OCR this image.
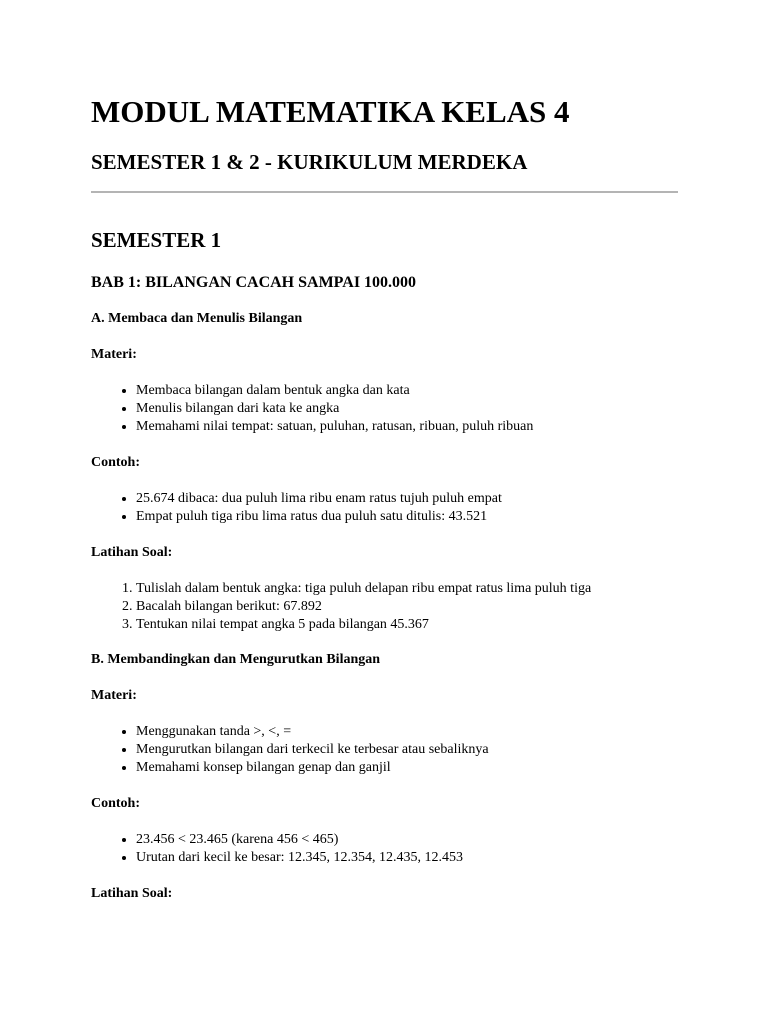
MODUL MATEMATIKA KELAS 4
SEMESTER 1 & 2 - KURIKULUM MERDEKA
SEMESTER 1
BAB 1: BILANGAN CACAH SAMPAI 100.000
A. Membaca dan Menulis Bilangan

Materi:

• Membaca bilangan dalam bentuk angka dan kata
• Menulis bilangan dari kata ke angka
• Memahami nilai tempat: satuan, puluhan, ratusan, ribuan, puluh ribuan

Contoh:

• 25.674 dibaca: dua puluh lima ribu enam ratus tujuh puluh empat
• Empat puluh tiga ribu lima ratus dua puluh satu ditulis: 43.521

Latihan Soal:

1. Tulislah dalam bentuk angka: tiga puluh delapan ribu empat ratus lima puluh tiga
2. Bacalah bilangan berikut: 67.892
3. Tentukan nilai tempat angka 5 pada bilangan 45.367
B. Membandingkan dan Mengurutkan Bilangan

Materi:

• Menggunakan tanda >, <, =
• Mengurutkan bilangan dari terkecil ke terbesar atau sebaliknya
• Memahami konsep bilangan genap dan ganjil

Contoh:

• 23.456 < 23.465 (karena 456 < 465)
• Urutan dari kecil ke besar: 12.345, 12.354, 12.435, 12.453

Latihan Soal:
